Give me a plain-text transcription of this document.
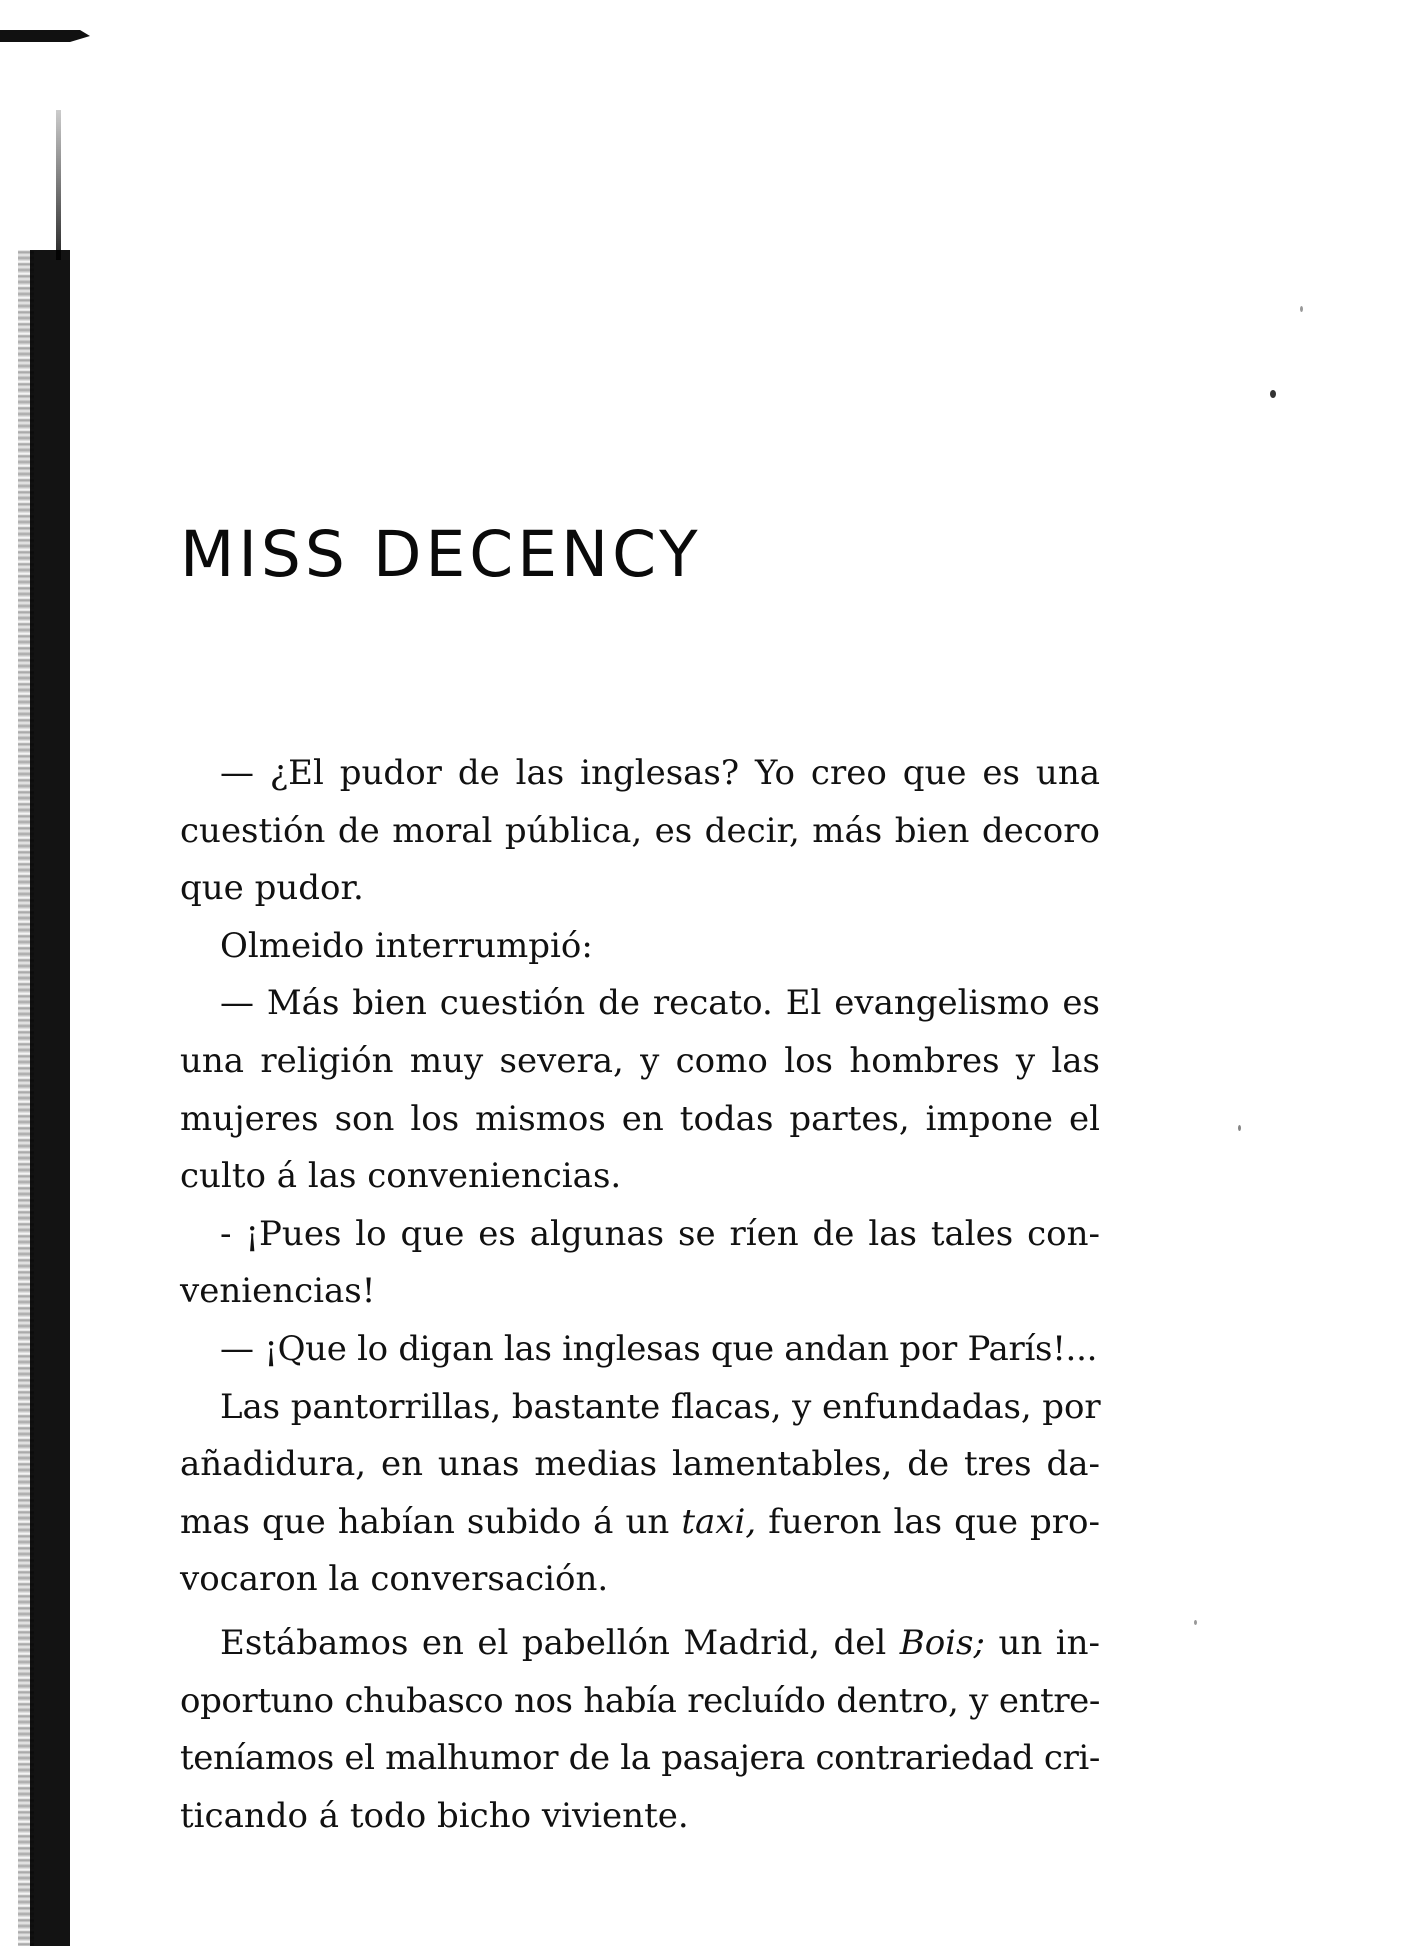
MISS DECENCY
— ¿El pudor de las inglesas? Yo creo que es una
cuestión de moral pública, es decir, más bien decoro
que pudor.
Olmeido interrumpió:
— Más bien cuestión de recato. El evangelismo es
una religión muy severa, y como los hombres y las
mujeres son los mismos en todas partes, impone el
culto á las conveniencias.
- ¡Pues lo que es algunas se ríen de las tales con-
veniencias!
— ¡Que lo digan las inglesas que andan por París!...
Las pantorrillas, bastante flacas, y enfundadas, por
añadidura, en unas medias lamentables, de tres da-
mas que habían subido á un taxi, fueron las que pro-
vocaron la conversación.
Estábamos en el pabellón Madrid, del Bois; un in-
oportuno chubasco nos había recluído dentro, y entre-
teníamos el malhumor de la pasajera contrariedad cri-
ticando á todo bicho viviente.
